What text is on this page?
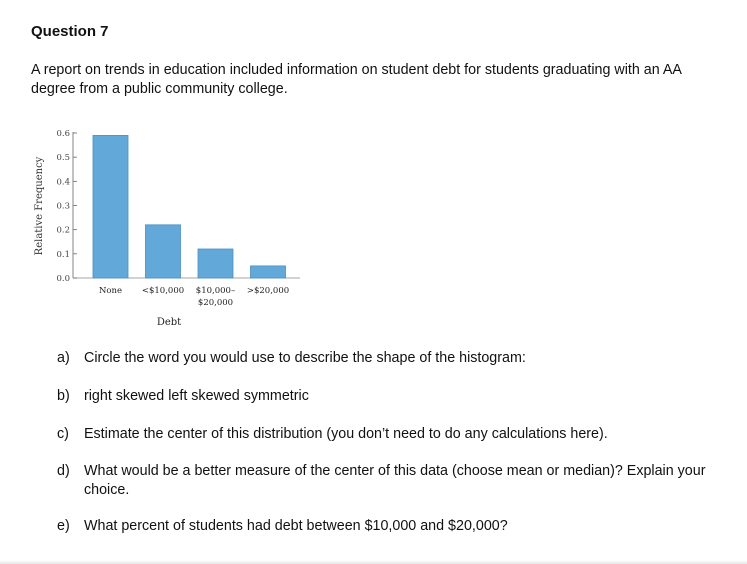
Question 7
A report on trends in education included information on student debt for students graduating with an AA degree from a public community college.
Relative Frequency
0.0
0.1
0.2
0.3
0.4
0.5
0.6
None <$10,000 $10,000–
$20,000
>$20,000
Debt
a) Circle the word you would use to describe the shape of the histogram:
b) right skewed left skewed symmetric
c) Estimate the center of this distribution (you don’t need to do any calculations here).
d) What would be a better measure of the center of this data (choose mean or median)? Explain your choice.
e) What percent of students had debt between $10,000 and $20,000?
